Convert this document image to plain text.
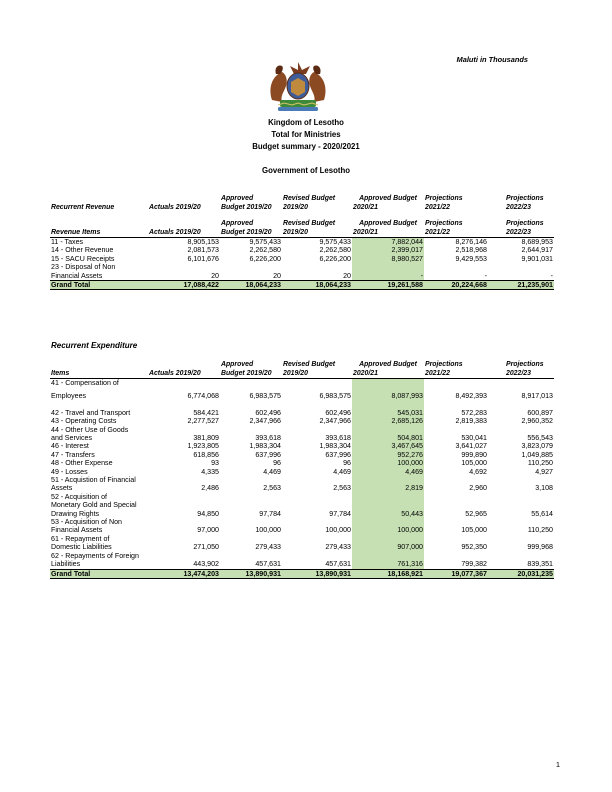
Maluti in Thousands
Kingdom of Lesotho
Total for Ministries
Budget summary - 2020/2021
Government of Lesotho
		Approved	Revised Budget	Approved Budget	Projections	Projections
Recurrent Revenue	Actuals 2019/20	Budget 2019/20	2019/20	2020/21	2021/22	2022/23

		Approved	Revised Budget	Approved Budget	Projections	Projections
Revenue Items	Actuals 2019/20	Budget 2019/20	2019/20	2020/21	2021/22	2022/23
11 - Taxes	8,905,153	9,575,433	9,575,433	7,882,044	8,276,146	8,689,953
14 - Other Revenue	2,081,573	2,262,580	2,262,580	2,399,017	2,518,968	2,644,917
15 - SACU Receipts	6,101,676	6,226,200	6,226,200	8,980,527	9,429,553	9,901,031
23 - Disposal of Non						
Financial Assets	20	20	20	-	-	-
Grand Total	17,088,422	18,064,233	18,064,233	19,261,588	20,224,668	21,235,901
Recurrent Expenditure
		Approved	Revised Budget	Approved Budget	Projections	Projections
Items	Actuals 2019/20	Budget 2019/20	2019/20	2020/21	2021/22	2022/23
41 - Compensation of						
Employees	6,774,068	6,983,575	6,983,575	8,087,993	8,492,393	8,917,013

42 - Travel and Transport	584,421	602,496	602,496	545,031	572,283	600,897
43 - Operating Costs	2,277,527	2,347,966	2,347,966	2,685,126	2,819,383	2,960,352
44 - Other Use of Goods						
and Services	381,809	393,618	393,618	504,801	530,041	556,543
46 - Interest	1,923,805	1,983,304	1,983,304	3,467,645	3,641,027	3,823,079
47 - Transfers	618,856	637,996	637,996	952,276	999,890	1,049,885
48 - Other Expense	93	96	96	100,000	105,000	110,250
49 - Losses	4,335	4,469	4,469	4,469	4,692	4,927
51 - Acquistion of Financial						
Assets	2,486	2,563	2,563	2,819	2,960	3,108
52 - Acquisition of						
Monetary Gold and Special						
Drawing Rights	94,850	97,784	97,784	50,443	52,965	55,614
53 - Acquisition of Non						
Financial Assets	97,000	100,000	100,000	100,000	105,000	110,250
61 - Repayment of						
Domestic Liabilities	271,050	279,433	279,433	907,000	952,350	999,968
62 - Repayments of Foreign						
Liabilities	443,902	457,631	457,631	761,316	799,382	839,351
Grand Total	13,474,203	13,890,931	13,890,931	18,168,921	19,077,367	20,031,235
1
